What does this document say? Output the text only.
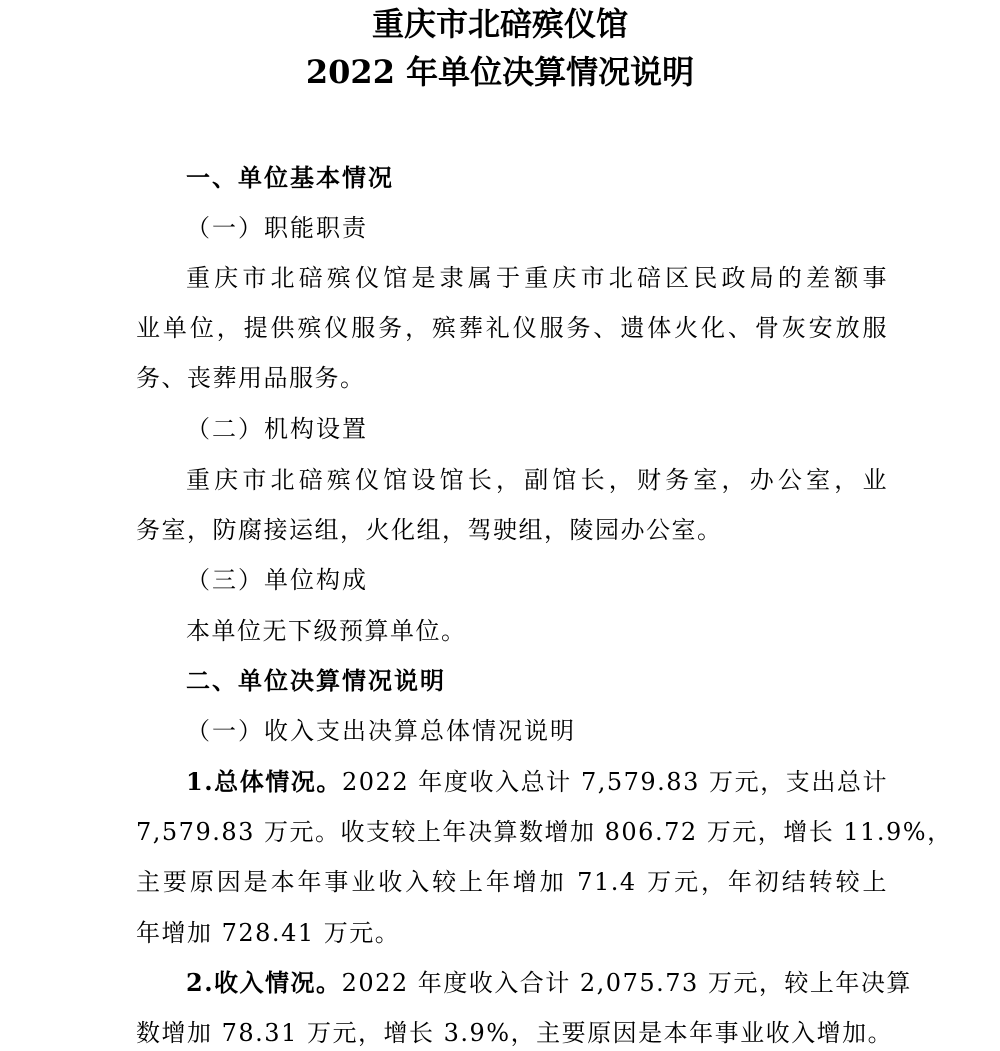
重庆市北碚殡仪馆
2022 年单位决算情况说明

一、单位基本情况

（一）职能职责

重庆市北碚殡仪馆是隶属于重庆市北碚区民政局的差额事

业单位，提供殡仪服务，殡葬礼仪服务、遗体火化、骨灰安放服

务、丧葬用品服务。

（二）机构设置

重庆市北碚殡仪馆设馆长，副馆长，财务室，办公室，业

务室，防腐接运组，火化组，驾驶组，陵园办公室。

（三）单位构成

本单位无下级预算单位。

二、单位决算情况说明

（一）收入支出决算总体情况说明

1.总体情况。2022 年度收入总计 7,579.83 万元，支出总计

7,579.83 万元。收支较上年决算数增加 806.72 万元，增长 11.9%，

主要原因是本年事业收入较上年增加 71.4 万元，年初结转较上

年增加 728.41 万元。

2.收入情况。2022 年度收入合计 2,075.73 万元，较上年决算

数增加 78.31 万元，增长 3.9%，主要原因是本年事业收入增加。
